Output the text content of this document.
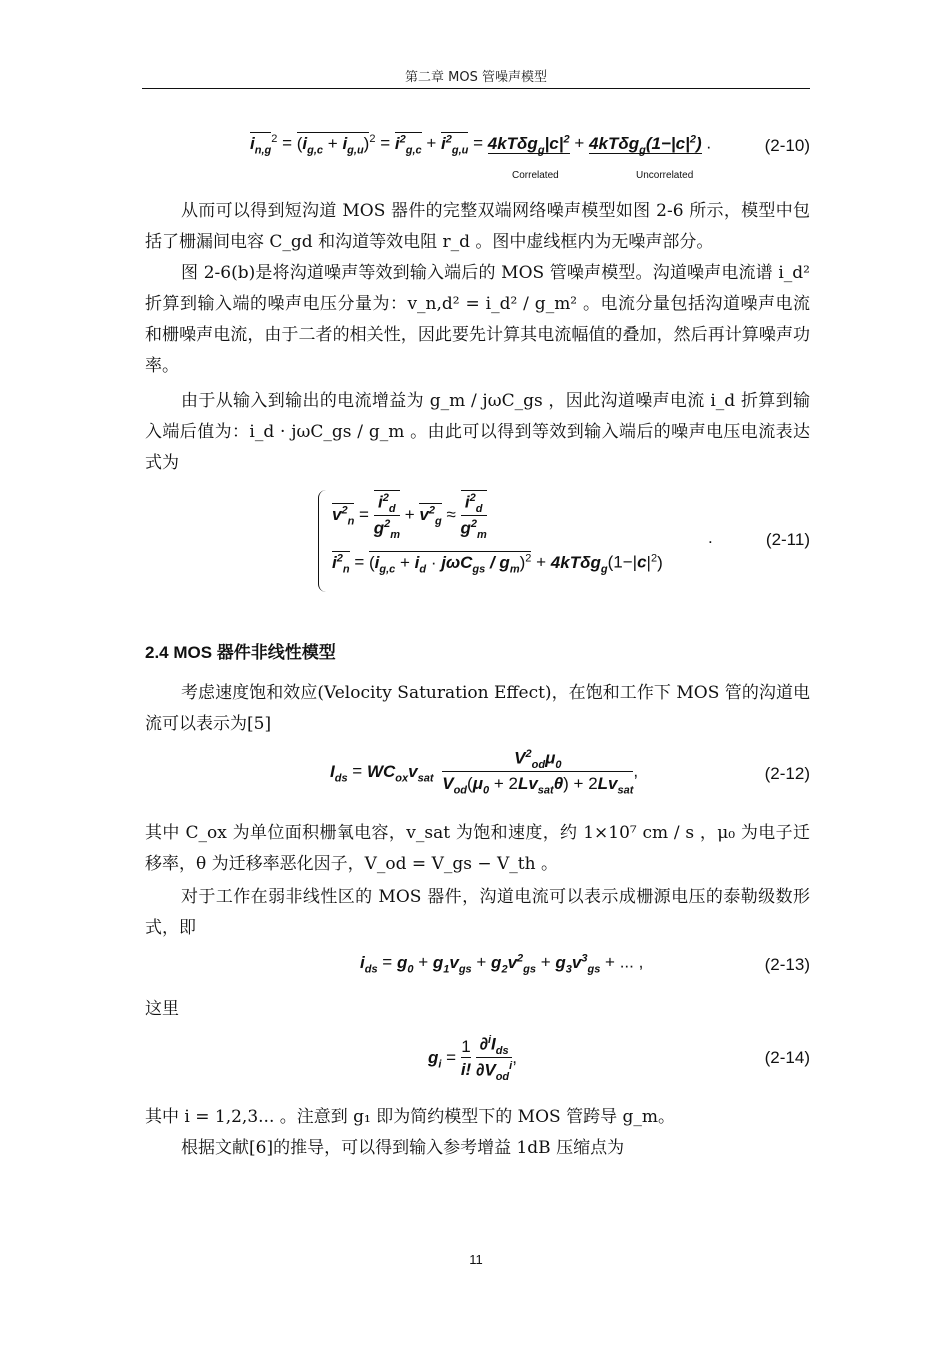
第二章 MOS 管噪声模型
$i_{n,g}^2 = (i_{g,c} + i_{g,u})^2 = i^2_{g,c} + i^2_{g,u} = 4kT\delta g_g|c|^2 + 4kT\delta g_g(1-|c|^2)$ .
Correlated	Uncorrelated
(2-10)
从而可以得到短沟道 MOS 器件的完整双端网络噪声模型如图 2-6 所示，模型中包括了栅漏间电容 C_gd 和沟道等效电阻 r_d 。图中虚线框内为无噪声部分。
图 2-6(b)是将沟道噪声等效到输入端后的 MOS 管噪声模型。沟道噪声电流谱 i_d² 折算到输入端的噪声电压分量为：v_n,d² = i_d² / g_m² 。电流分量包括沟道噪声电流和栅噪声电流，由于二者的相关性，因此要先计算其电流幅值的叠加，然后再计算噪声功率。
由于从输入到输出的电流增益为 g_m / jωC_gs ，因此沟道噪声电流 i_d 折算到输入端后值为：i_d · jωC_gs / g_m 。由此可以得到等效到输入端后的噪声电压电流表达式为
$v^2_n = \frac{i^2_d}{g^2_m} + v^2_g \approx \frac{i^2_d}{g^2_m}$
$i^2_n = (i_{g,c} + i_d \cdot j\omega C_{gs} / g_m)^2 + 4kT\delta g_g(1-|c|^2)$
.	(2-11)
2.4 MOS 器件非线性模型
考虑速度饱和效应(Velocity Saturation Effect)，在饱和工作下 MOS 管的沟道电流可以表示为[5]
$I_{ds} = WC_{ox}v_{sat} \frac{V^2_{od}\mu_0}{V_{od}(\mu_0 + 2Lv_{sat}\theta) + 2Lv_{sat}}$ ,	(2-12)
其中 C_ox 为单位面积栅氧电容，v_sat 为饱和速度，约 1×10⁷ cm / s ，μ₀ 为电子迁移率，θ 为迁移率恶化因子，V_od = V_gs − V_th 。
对于工作在弱非线性区的 MOS 器件，沟道电流可以表示成栅源电压的泰勒级数形式，即
$i_{ds} = g_0 + g_1v_{gs} + g_2v^2_{gs} + g_3v^3_{gs}$ + ... ,	(2-13)
这里
$g_i = \frac{1}{i!}$
$\frac{\partial^iI_{ds}}{\partial V_{od}^i}$ ,	(2-14)
其中 i = 1,2,3... 。注意到 g₁ 即为简约模型下的 MOS 管跨导 g_m。
根据文献[6]的推导，可以得到输入参考增益 1dB 压缩点为
11
